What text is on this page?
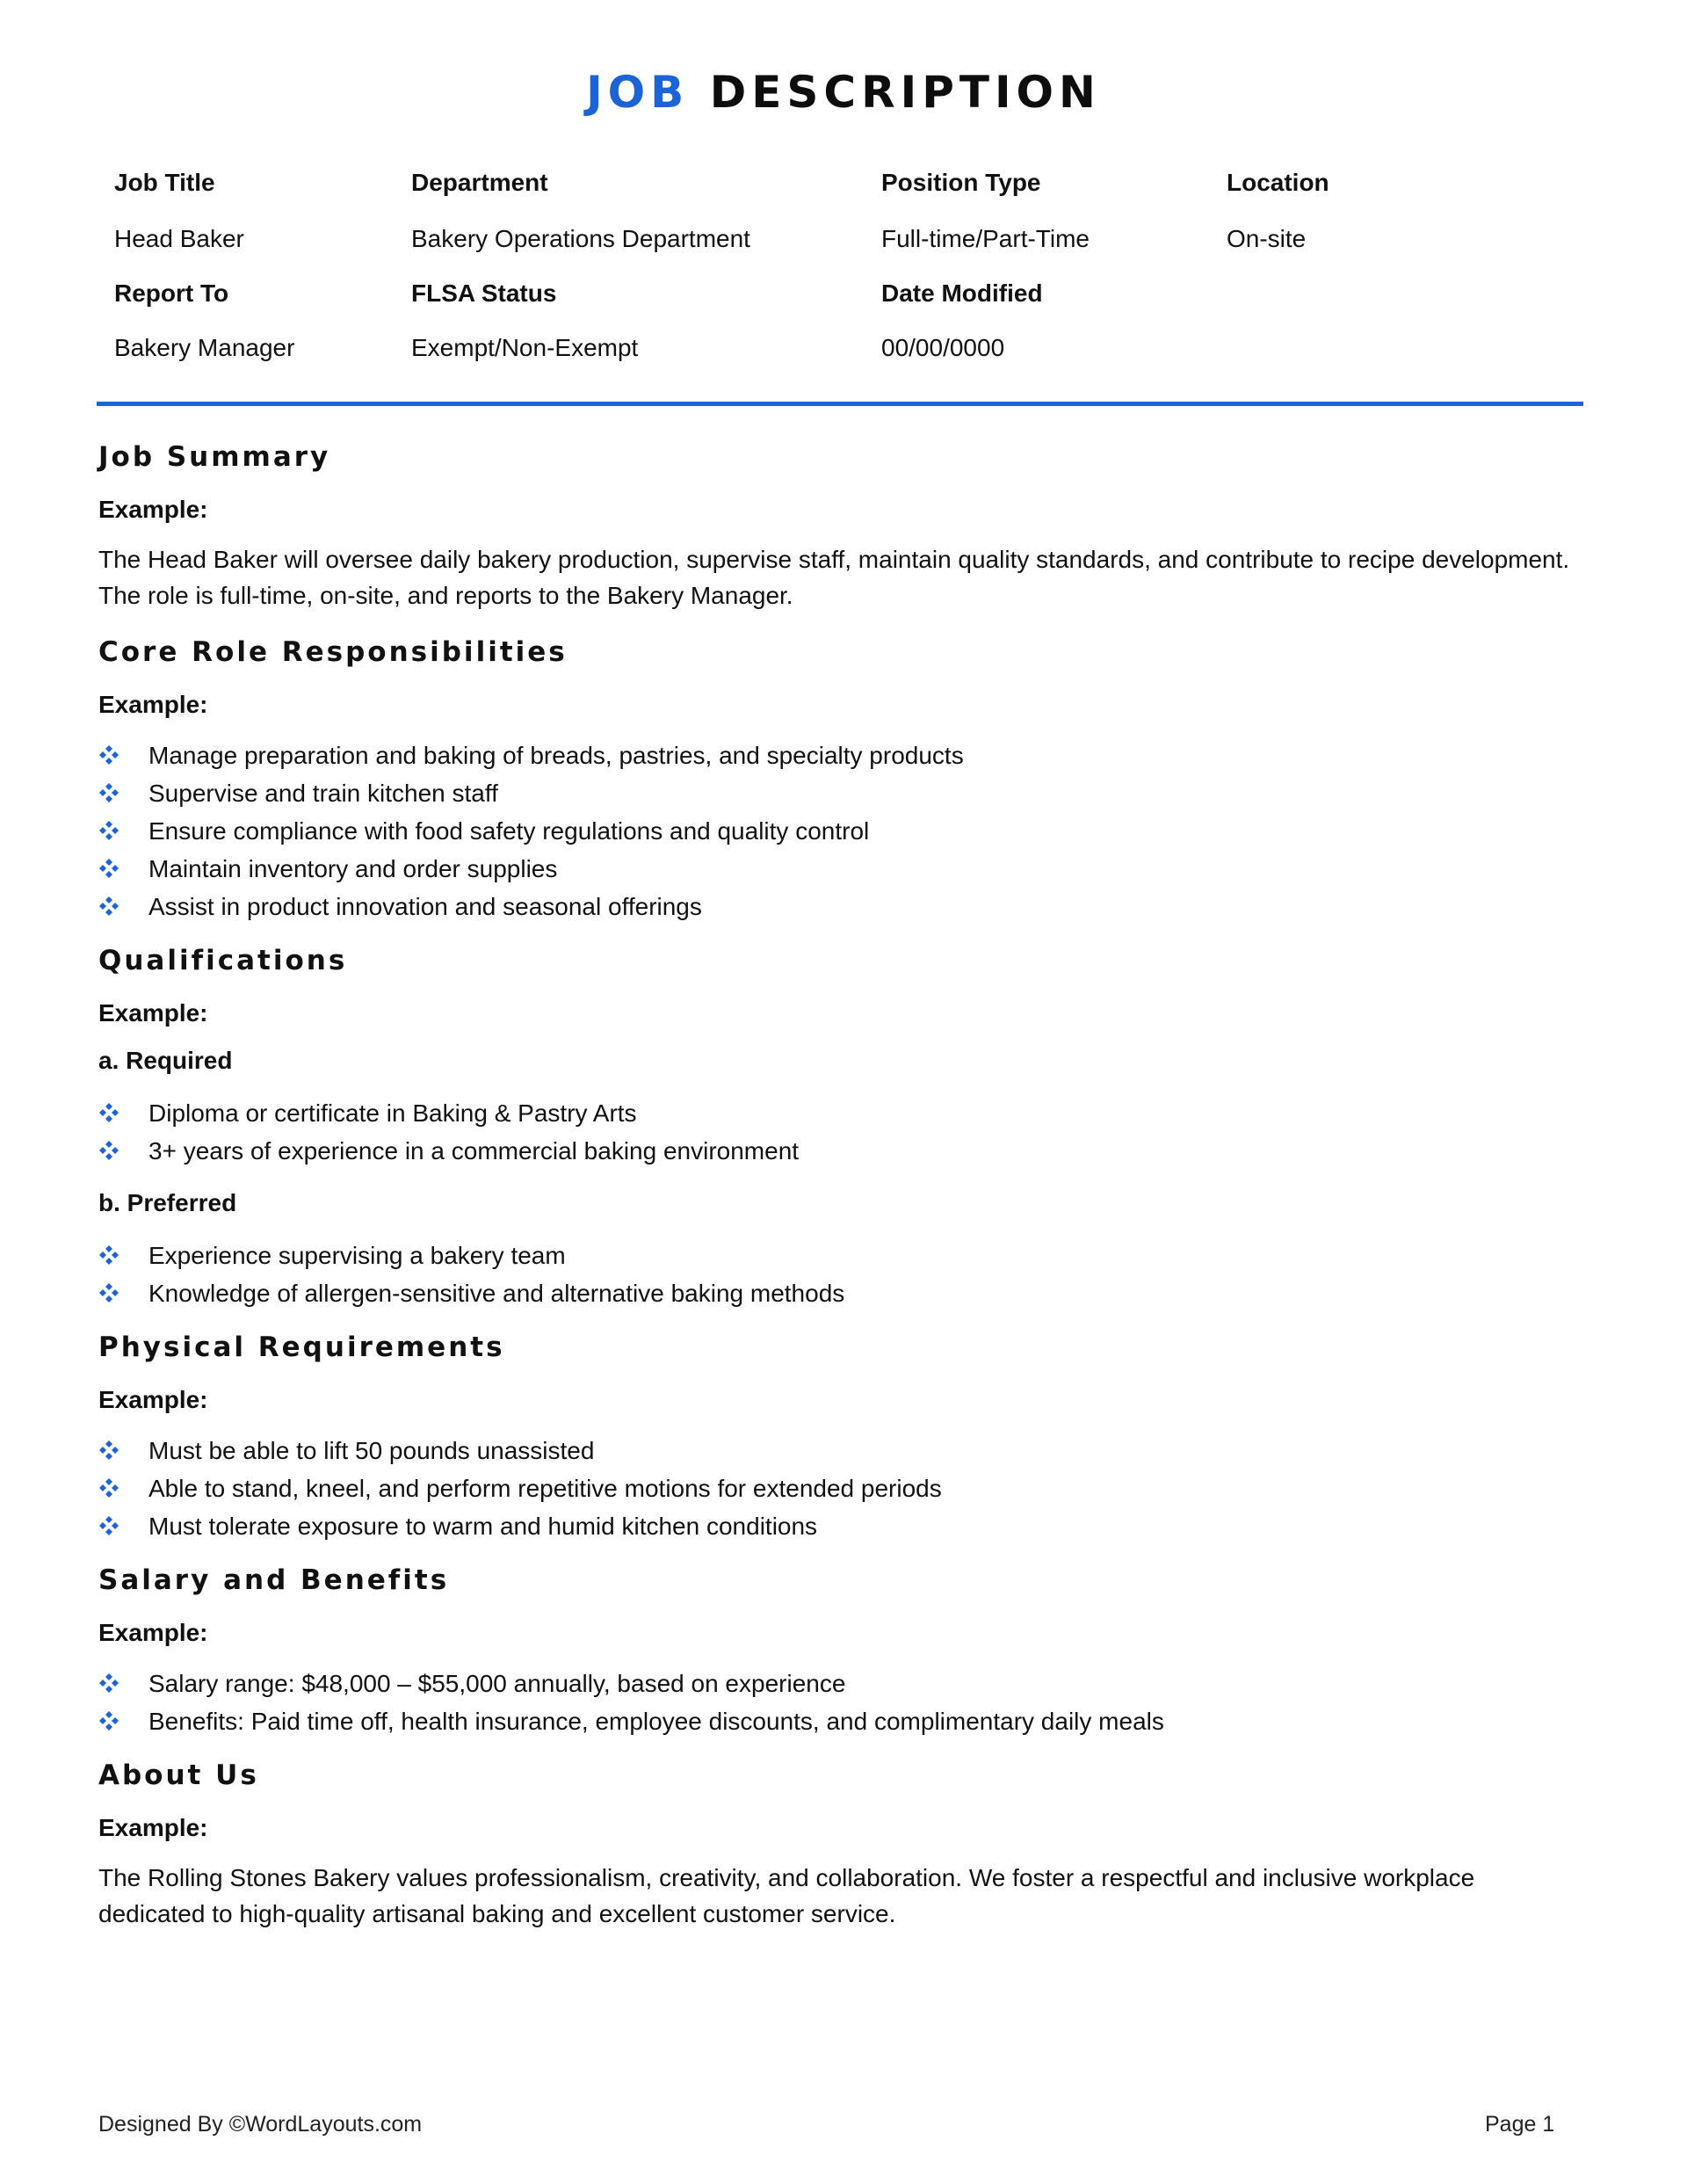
JOB DESCRIPTION
Job Title	Department	Position Type	Location
Head Baker	Bakery Operations Department	Full-time/Part-Time	On-site
Report To	FLSA Status	Date Modified
Bakery Manager	Exempt/Non-Exempt	00/00/0000
Job Summary
Example:

The Head Baker will oversee daily bakery production, supervise staff, maintain quality standards, and contribute to recipe development. The role is full-time, on-site, and reports to the Bakery Manager.

Core Role Responsibilities
Example:
Manage preparation and baking of breads, pastries, and specialty products
Supervise and train kitchen staff
Ensure compliance with food safety regulations and quality control
Maintain inventory and order supplies
Assist in product innovation and seasonal offerings
Qualifications
Example:
a. Required
Diploma or certificate in Baking & Pastry Arts
3+ years of experience in a commercial baking environment
b. Preferred
Experience supervising a bakery team
Knowledge of allergen-sensitive and alternative baking methods
Physical Requirements
Example:
Must be able to lift 50 pounds unassisted
Able to stand, kneel, and perform repetitive motions for extended periods
Must tolerate exposure to warm and humid kitchen conditions
Salary and Benefits
Example:
Salary range: $48,000 – $55,000 annually, based on experience
Benefits: Paid time off, health insurance, employee discounts, and complimentary daily meals
About Us
Example:

The Rolling Stones Bakery values professionalism, creativity, and collaboration. We foster a respectful and inclusive workplace dedicated to high-quality artisanal baking and excellent customer service.

Designed By ©WordLayouts.com	Page 1
